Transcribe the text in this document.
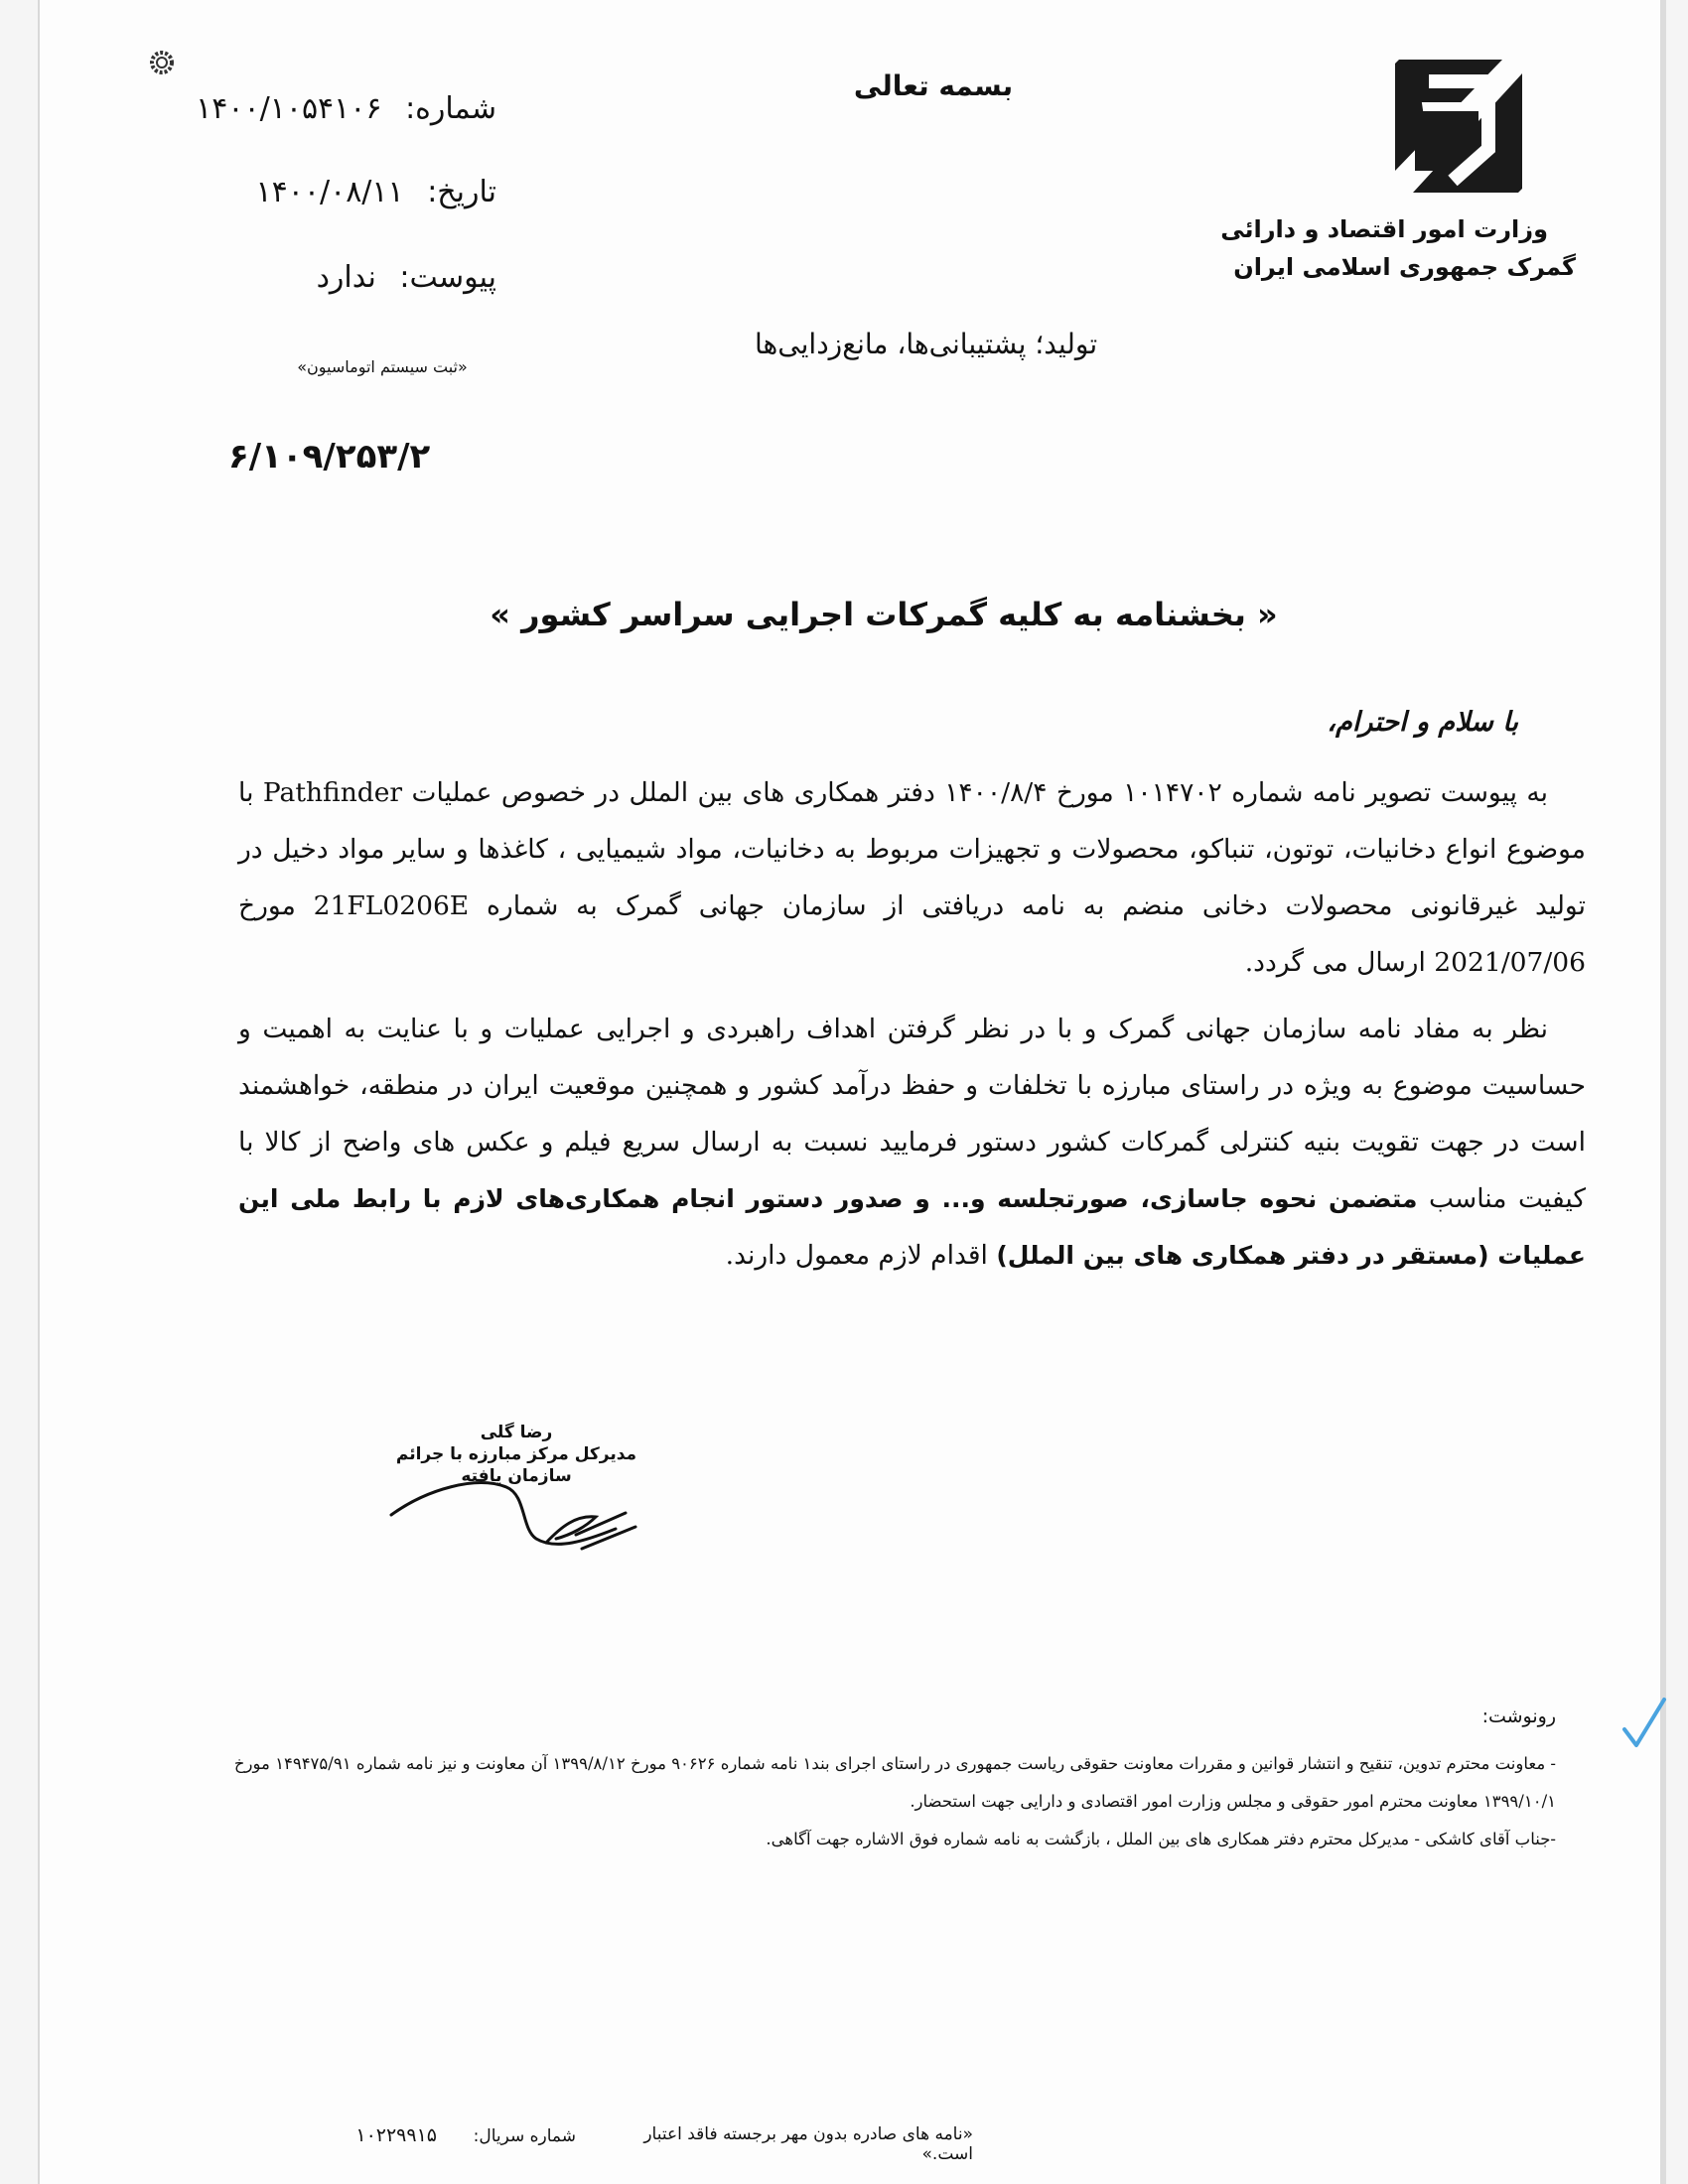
وزارت امور اقتصاد و دارائی
گمرک جمهوری اسلامی ایران
بسمه تعالی
شماره: ۱۴۰۰/۱۰۵۴۱۰۶
تاریخ: ۱۴۰۰/۰۸/۱۱
پیوست: ندارد
«ثبت سیستم اتوماسیون»
تولید؛ پشتیبانی‌ها، مانع‌زدایی‌ها
۶/۱۰۹/۲۵۳/۲
« بخشنامه به کلیه گمرکات اجرایی سراسر کشور »
با سلام و احترام،

به پیوست تصویر نامه شماره ۱۰۱۴۷۰۲ مورخ ۱۴۰۰/۸/۴ دفتر همکاری های بین الملل در خصوص عملیات Pathfinder با موضوع انواع دخانیات، توتون، تنباکو، محصولات و تجهیزات مربوط به دخانیات، مواد شیمیایی ، کاغذها و سایر مواد دخیل در تولید غیرقانونی محصولات دخانی منضم به نامه دریافتی از سازمان جهانی گمرک به شماره 21FL0206E مورخ 2021/07/06 ارسال می گردد.

نظر به مفاد نامه سازمان جهانی گمرک و با در نظر گرفتن اهداف راهبردی و اجرایی عملیات و با عنایت به اهمیت و حساسیت موضوع به ویژه در راستای مبارزه با تخلفات و حفظ درآمد کشور و همچنین موقعیت ایران در منطقه، خواهشمند است در جهت تقویت بنیه کنترلی گمرکات کشور دستور فرمایید نسبت به ارسال سریع فیلم و عکس های واضح از کالا با کیفیت مناسب متضمن نحوه جاسازی، صورتجلسه و... و صدور دستور انجام همکاری‌های لازم با رابط ملی این عملیات (مستقر در دفتر همکاری های بین الملل) اقدام لازم معمول دارند.

رضا گلی
مدیرکل مرکز مبارزه با جرائم سازمان یافته
رونوشت:

- معاونت محترم تدوین، تنقیح و انتشار قوانین و مقررات معاونت حقوقی ریاست جمهوری در راستای اجرای بند۱ نامه شماره ۹۰۶۲۶ مورخ ۱۳۹۹/۸/۱۲ آن معاونت و نیز نامه شماره ۱۴۹۴۷۵/۹۱ مورخ ۱۳۹۹/۱۰/۱ معاونت محترم امور حقوقی و مجلس وزارت امور اقتصادی و دارایی جهت استحضار.

-جناب آقای کاشکی - مدیرکل محترم دفتر همکاری های بین الملل ، بازگشت به نامه شماره فوق الاشاره جهت آگاهی.

«نامه های صادره بدون مهر برجسته فاقد اعتبار است.»
شماره سریال:
۱۰۲۲۹۹۱۵
